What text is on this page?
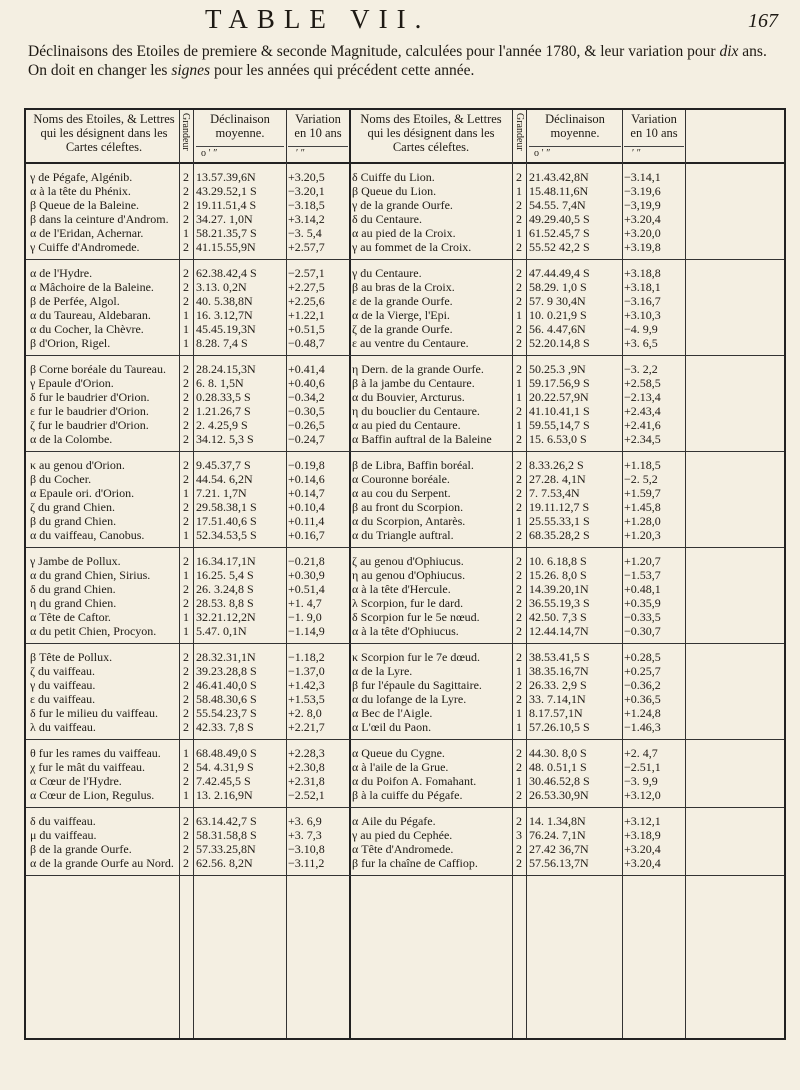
TABLE VII.	167
Déclinaisons des Etoiles de premiere & seconde Magnitude, calculées pour l'année 1780, & leur variation pour dix ans. On doit en changer les signes pour les années qui précédent cette année.
Noms des Etoiles, & Lettres qui les désignent dans les Cartes céleftes.	Grandeur	Déclinaison moyenne.
o ′ ″
Variation en 10 ans
′ ″
Noms des Etoiles, & Lettres qui les désignent dans les Cartes céleftes.	Grandeur	Déclinaison moyenne.
o ′ ″
Variation en 10 ans
′ ″
γ de Pégafe, Algénib.	2 13.57.39,6N	+3.20,5	δ Cuiffe du Lion.	2 21.43.42,8N	−3.14,1
α à la tête du Phénix.	2 43.29.52,1 S	−3.20,1	β Queue du Lion.	1 15.48.11,6N	−3.19,6
β Queue de la Baleine.	2 19.11.51,4 S	−3.18,5	γ de la grande Ourfe.	2 54.55. 7,4N	−3,19,9
β dans la ceinture d'Androm.	2 34.27. 1,0N	+3.14,2	δ du Centaure.	2 49.29.40,5 S	+3.20,4
α de l'Eridan, Achernar.	1 58.21.35,7 S	−3. 5,4	α au pied de la Croix.	1 61.52.45,7 S	+3.20,0
γ Cuiffe d'Andromede.	2 41.15.55,9N	+2.57,7	γ au fommet de la Croix.	2 55.52 42,2 S	+3.19,8
α de l'Hydre.	2 62.38.42,4 S	−2.57,1	γ du Centaure.	2 47.44.49,4 S	+3.18,8
α Mâchoire de la Baleine.	2 3.13. 0,2N	+2.27,5	β au bras de la Croix.	2 58.29. 1,0 S	+3.18,1
β de Perfée, Algol.	2 40. 5.38,8N	+2.25,6	ε de la grande Ourfe.	2 57. 9 30,4N	−3.16,7
α du Taureau, Aldebaran.	1 16. 3.12,7N	+1.22,1	α de la Vierge, l'Epi.	1 10. 0.21,9 S	+3.10,3
α du Cocher, la Chèvre.	1 45.45.19,3N	+0.51,5	ζ de la grande Ourfe.	2 56. 4.47,6N	−4. 9,9
β d'Orion, Rigel.	1 8.28. 7,4 S	−0.48,7	ε au ventre du Centaure.	2 52.20.14,8 S	+3. 6,5
β Corne boréale du Taureau.	2 28.24.15,3N	+0.41,4	η Dern. de la grande Ourfe.	2 50.25.3 ,9N	−3. 2,2
γ Epaule d'Orion.	2 6. 8. 1,5N	+0.40,6	β à la jambe du Centaure.	1 59.17.56,9 S	+2.58,5
δ fur le baudrier d'Orion.	2 0.28.33,5 S	−0.34,2	α du Bouvier, Arcturus.	1 20.22.57,9N	−2.13,4
ε fur le baudrier d'Orion.	2 1.21.26,7 S	−0.30,5	η du bouclier du Centaure.	2 41.10.41,1 S	+2.43,4
ζ fur le baudrier d'Orion.	2 2. 4.25,9 S	−0.26,5	α au pied du Centaure.	1 59.55,14,7 S	+2.41,6
α de la Colombe.	2 34.12. 5,3 S	−0.24,7	α Baffin auftral de la Baleine	2 15. 6.53,0 S	+2.34,5
κ au genou d'Orion.	2 9.45.37,7 S	−0.19,8	β de Libra, Baffin boréal.	2 8.33.26,2 S	+1.18,5
β du Cocher.	2 44.54. 6,2N	+0.14,6	α Couronne boréale.	2 27.28. 4,1N	−2. 5,2
α Epaule ori. d'Orion.	1 7.21. 1,7N	+0.14,7	α au cou du Serpent.	2 7. 7.53,4N	+1.59,7
ζ du grand Chien.	2 29.58.38,1 S	+0.10,4	β au front du Scorpion.	2 19.11.12,7 S	+1.45,8
β du grand Chien.	2 17.51.40,6 S	+0.11,4	α du Scorpion, Antarès.	1 25.55.33,1 S	+1.28,0
α du vaiffeau, Canobus.	1 52.34.53,5 S	+0.16,7	α du Triangle auftral.	2 68.35.28,2 S	+1.20,3
γ Jambe de Pollux.	2 16.34.17,1N	−0.21,8	ζ au genou d'Ophiucus.	2 10. 6.18,8 S	+1.20,7
α du grand Chien, Sirius.	1 16.25. 5,4 S	+0.30,9	η au genou d'Ophiucus.	2 15.26. 8,0 S	−1.53,7
δ du grand Chien.	2 26. 3.24,8 S	+0.51,4	α à la tête d'Hercule.	2 14.39.20,1N	+0.48,1
η du grand Chien.	2 28.53. 8,8 S	+1. 4,7	λ Scorpion, fur le dard.	2 36.55.19,3 S	+0.35,9
α Tête de Caftor.	1 32.21.12,2N	−1. 9,0	δ Scorpion fur le 5e nœud.	2 42.50. 7,3 S	−0.33,5
α du petit Chien, Procyon.	1 5.47. 0,1N	−1.14,9	α à la tête d'Ophiucus.	2 12.44.14,7N	−0.30,7
β Tête de Pollux.	2 28.32.31,1N	−1.18,2	κ Scorpion fur le 7e dœud.	2 38.53.41,5 S	+0.28,5
ζ du vaiffeau.	2 39.23.28,8 S	−1.37,0	α de la Lyre.	1 38.35.16,7N	+0.25,7
γ du vaiffeau.	2 46.41.40,0 S	+1.42,3	β fur l'épaule du Sagittaire.	2 26.33. 2,9 S	−0.36,2
ε du vaiffeau.	2 58.48.30,6 S	+1.53,5	α du lofange de la Lyre.	2 33. 7.14,1N	+0.36,5
δ fur le milieu du vaiffeau.	2 55.54.23,7 S	+2. 8,0	α Bec de l'Aigle.	1 8.17.57,1N	+1.24,8
λ du vaiffeau.	2 42.33. 7,8 S	+2.21,7	α L'œil du Paon.	1 57.26.10,5 S	−1.46,3
θ fur les rames du vaiffeau.	1 68.48.49,0 S	+2.28,3	α Queue du Cygne.	2 44.30. 8,0 S	+2. 4,7
χ fur le mât du vaiffeau.	2 54. 4.31,9 S	+2.30,8	α à l'aile de la Grue.	2 48. 0.51,1 S	−2.51,1
α Cœur de l'Hydre.	2 7.42.45,5 S	+2.31,8	α du Poifon A. Fomahant.	1 30.46.52,8 S	−3. 9,9
α Cœur de Lion, Regulus.	1 13. 2.16,9N	−2.52,1	β à la cuiffe du Pégafe.	2 26.53.30,9N	+3.12,0
δ du vaiffeau.	2 63.14.42,7 S	+3. 6,9	α Aile du Pégafe.	2 14. 1.34,8N	+3.12,1
μ du vaiffeau.	2 58.31.58,8 S	+3. 7,3	γ au pied du Cephée.	3 76.24. 7,1N	+3.18,9
β de la grande Ourfe.	2 57.33.25,8N	−3.10,8	α Tête d'Andromede.	2 27.42 36,7N	+3.20,4
α de la grande Ourfe au Nord. 2 62.56. 8,2N	−3.11,2	β fur la chaîne de Caffiop.	2 57.56.13,7N	+3.20,4
